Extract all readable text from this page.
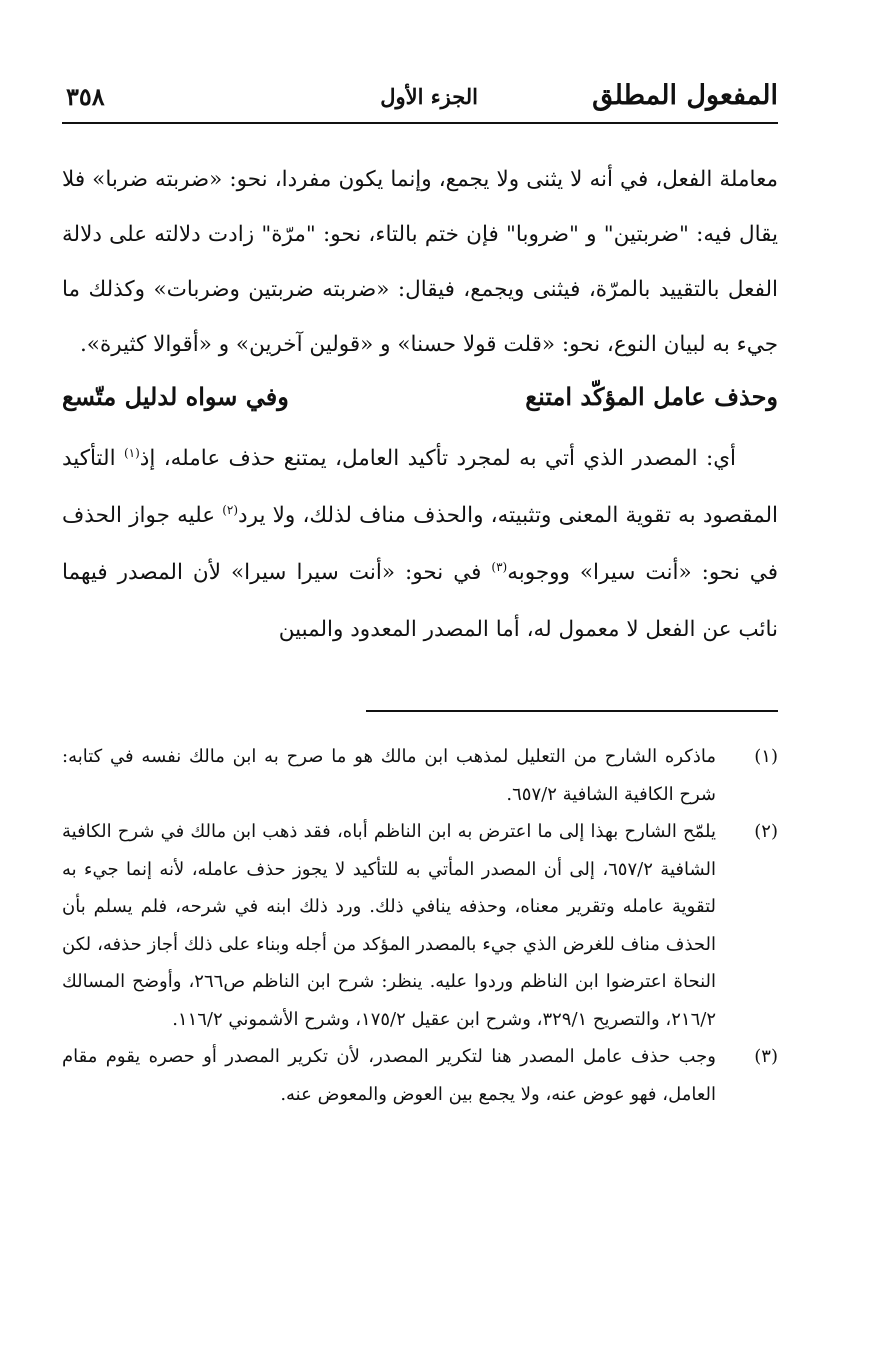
المفعول المطلق
الجزء الأول
٣٥٨
معاملة الفعل، في أنه لا يثنى ولا يجمع، وإنما يكون مفردا، نحو: «ضربته ضربا» فلا يقال فيه: "ضربتين" و "ضروبا" فإن ختم بالتاء، نحو: "مرّة" زادت دلالته على دلالة الفعل بالتقييد بالمرّة، فيثنى ويجمع، فيقال: «ضربته ضربتين وضربات» وكذلك ما جيء به لبيان النوع، نحو: «قلت قولا حسنا» و «قولين آخرين» و «أقوالا كثيرة».
وحذف عامل المؤكّد امتنع
وفي سواه لدليل متّسع
أي: المصدر الذي أتي به لمجرد تأكيد العامل، يمتنع حذف عامله، إذ$^{(١)}$ التأكيد المقصود به تقوية المعنى وتثبيته، والحذف مناف لذلك، ولا يرد$^{(٢)}$ عليه جواز الحذف في نحو: «أنت سيرا» ووجوبه$^{(٣)}$ في نحو: «أنت سيرا سيرا» لأن المصدر فيهما نائب عن الفعل لا معمول له، أما المصدر المعدود والمبين
(١)
ماذكره الشارح من التعليل لمذهب ابن مالك هو ما صرح به ابن مالك نفسه في كتابه: شرح الكافية الشافية ٦٥٧/٢.
(٢)
يلمّح الشارح بهذا إلى ما اعترض به ابن الناظم أباه، فقد ذهب ابن مالك في شرح الكافية الشافية ٦٥٧/٢، إلى أن المصدر المأتي به للتأكيد لا يجوز حذف عامله، لأنه إنما جيء به لتقوية عامله وتقرير معناه، وحذفه ينافي ذلك. ورد ذلك ابنه في شرحه، فلم يسلم بأن الحذف مناف للغرض الذي جيء بالمصدر المؤكد من أجله وبناء على ذلك أجاز حذفه، لكن النحاة اعترضوا ابن الناظم وردوا عليه. ينظر: شرح ابن الناظم ص٢٦٦، وأوضح المسالك ٢١٦/٢، والتصريح ٣٢٩/١، وشرح ابن عقيل ١٧٥/٢، وشرح الأشموني ١١٦/٢.
(٣)
وجب حذف عامل المصدر هنا لتكرير المصدر، لأن تكرير المصدر أو حصره يقوم مقام العامل، فهو عوض عنه، ولا يجمع بين العوض والمعوض عنه.
